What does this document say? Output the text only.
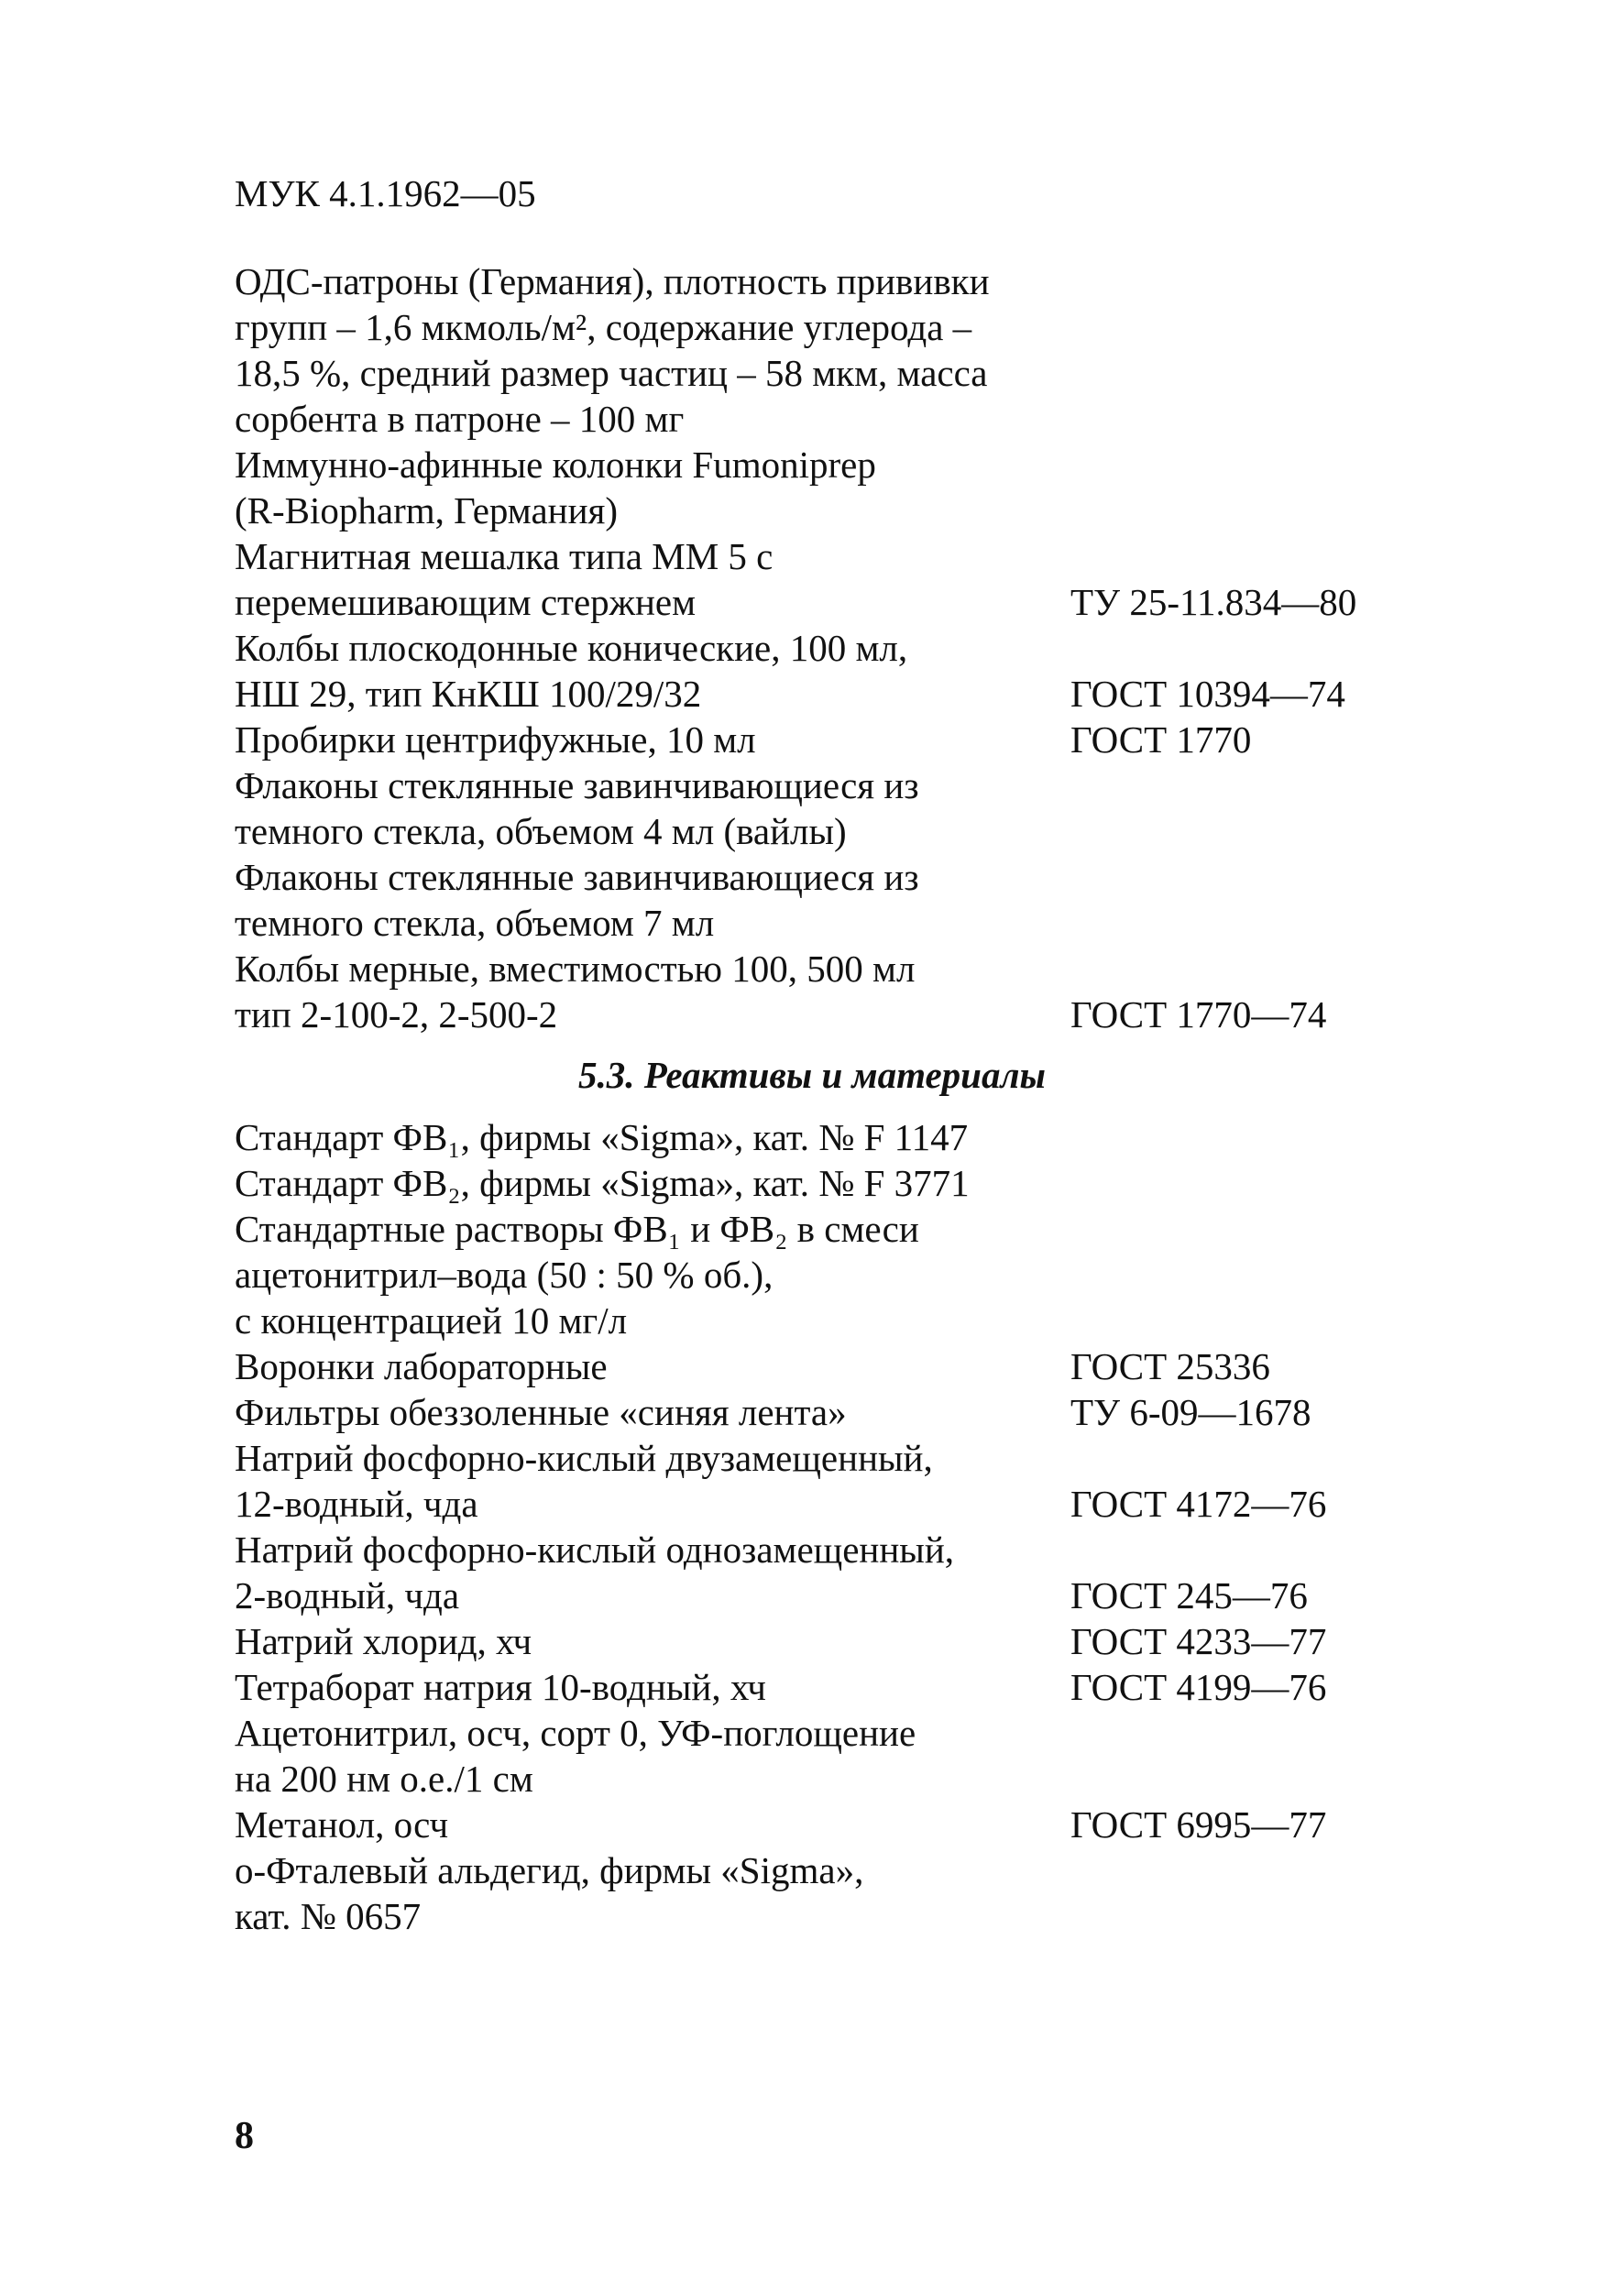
МУК 4.1.1962—05
ОДС-патроны (Германия), плотность прививки
групп – 1,6 мкмоль/м², содержание углерода –
18,5 %, средний размер частиц – 58 мкм, масса
сорбента в патроне – 100 мг
Иммунно-афинные колонки Fumoniprep
(R-Biopharm, Германия)
Магнитная мешалка типа ММ 5 с
перемешивающим стержнем	ТУ 25-11.834—80
Колбы плоскодонные конические, 100 мл,
НШ 29, тип КнКШ 100/29/32	ГОСТ 10394—74
Пробирки центрифужные, 10 мл	ГОСТ 1770
Флаконы стеклянные завинчивающиеся из
темного стекла, объемом 4 мл (вайлы)
Флаконы стеклянные завинчивающиеся из
темного стекла, объемом 7 мл
Колбы мерные, вместимостью 100, 500 мл
тип 2-100-2, 2-500-2	ГОСТ 1770—74
5.3. Реактивы и материалы
Стандарт ФВ₁, фирмы «Sigma», кат. № F 1147
Стандарт ФВ₂, фирмы «Sigma», кат. № F 3771
Стандартные растворы ФВ₁ и ФВ₂ в смеси
ацетонитрил–вода (50 : 50 % об.),
с концентрацией 10 мг/л
Воронки лабораторные	ГОСТ 25336
Фильтры обеззоленные «синяя лента»	ТУ 6-09—1678
Натрий фосфорно-кислый двузамещенный,
12-водный, чда	ГОСТ 4172—76
Натрий фосфорно-кислый однозамещенный,
2-водный, чда	ГОСТ 245—76
Натрий хлорид, хч	ГОСТ 4233—77
Тетраборат натрия 10-водный, хч	ГОСТ 4199—76
Ацетонитрил, осч, сорт 0, УФ-поглощение
на 200 нм о.е./1 см
Метанол, осч	ГОСТ 6995—77
о-Фталевый альдегид, фирмы «Sigma»,
кат. № 0657
8
